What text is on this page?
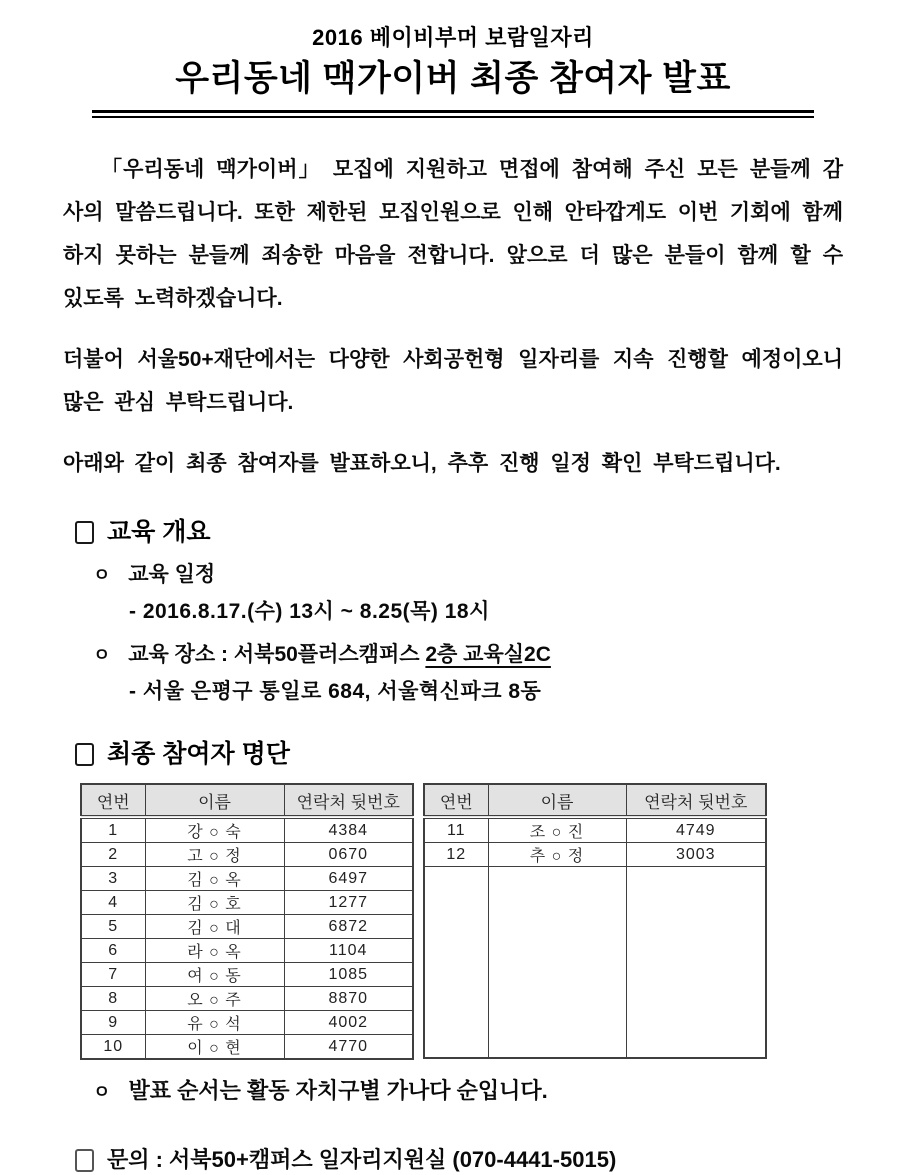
2016 베이비부머 보람일자리
우리동네 맥가이버 최종 참여자 발표

「우리동네 맥가이버」 모집에 지원하고 면접에 참여해 주신 모든 분들께 감사의 말씀드립니다. 또한 제한된 모집인원으로 인해 안타깝게도 이번 기회에 함께하지 못하는 분들께 죄송한 마음을 전합니다. 앞으로 더 많은 분들이 함께 할 수 있도록 노력하겠습니다.

더불어 서울50+재단에서는 다양한 사회공헌형 일자리를 지속 진행할 예정이오니 많은 관심 부탁드립니다.

아래와 같이 최종 참여자를 발표하오니, 추후 진행 일정 확인 부탁드립니다.

교육 개요
ㅇ 교육 일정
- 2016.8.17.(수) 13시 ~ 8.25(목) 18시
ㅇ 교육 장소 : 서북50플러스캠퍼스 2층 교육실2C
- 서울 은평구 통일로 684, 서울혁신파크 8동
최종 참여자 명단
연번	이름	연락처 뒷번호
1	강 ○ 숙	4384
2	고 ○ 정	0670
3	김 ○ 옥	6497
4	김 ○ 호	1277
5	김 ○ 대	6872
6	라 ○ 옥	1104
7	여 ○ 동	1085
8	오 ○ 주	8870
9	유 ○ 석	4002
10	이 ○ 현	4770
연번	이름	연락처 뒷번호
11	조 ○ 진	4749
12	추 ○ 정	3003

ㅇ 발표 순서는 활동 자치구별 가나다 순입니다.
문의 : 서북50+캠퍼스 일자리지원실 (070-4441-5015)
